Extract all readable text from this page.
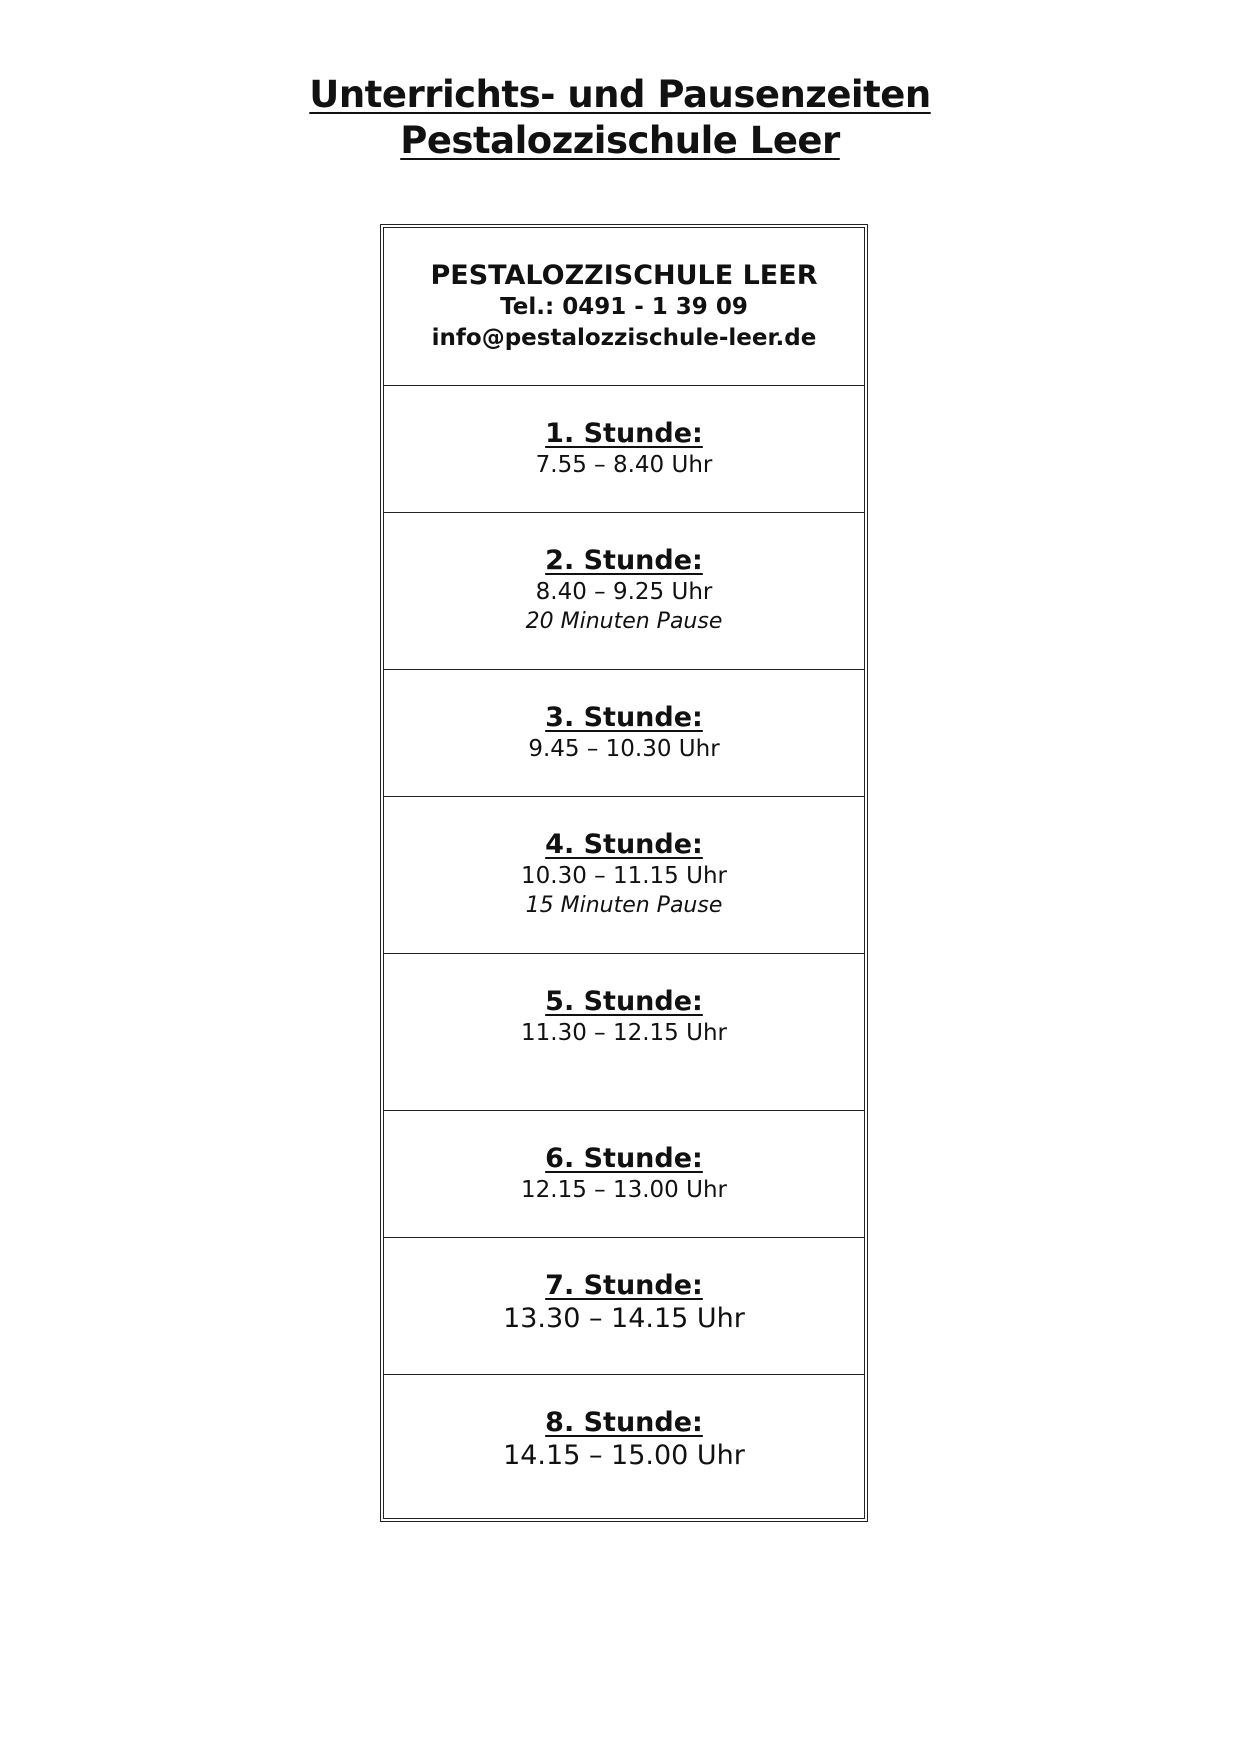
Unterrichts- und Pausenzeiten
Pestalozzischule Leer
PESTALOZZISCHULE LEER
Tel.: 0491 - 1 39 09
info@pestalozzischule-leer.de
1. Stunde:
7.55 – 8.40 Uhr
2. Stunde:
8.40 – 9.25 Uhr
20 Minuten Pause
3. Stunde:
9.45 – 10.30 Uhr
4. Stunde:
10.30 – 11.15 Uhr
15 Minuten Pause
5. Stunde:
11.30 – 12.15 Uhr
6. Stunde:
12.15 – 13.00 Uhr
7. Stunde:
13.30 – 14.15 Uhr
8. Stunde:
14.15 – 15.00 Uhr
